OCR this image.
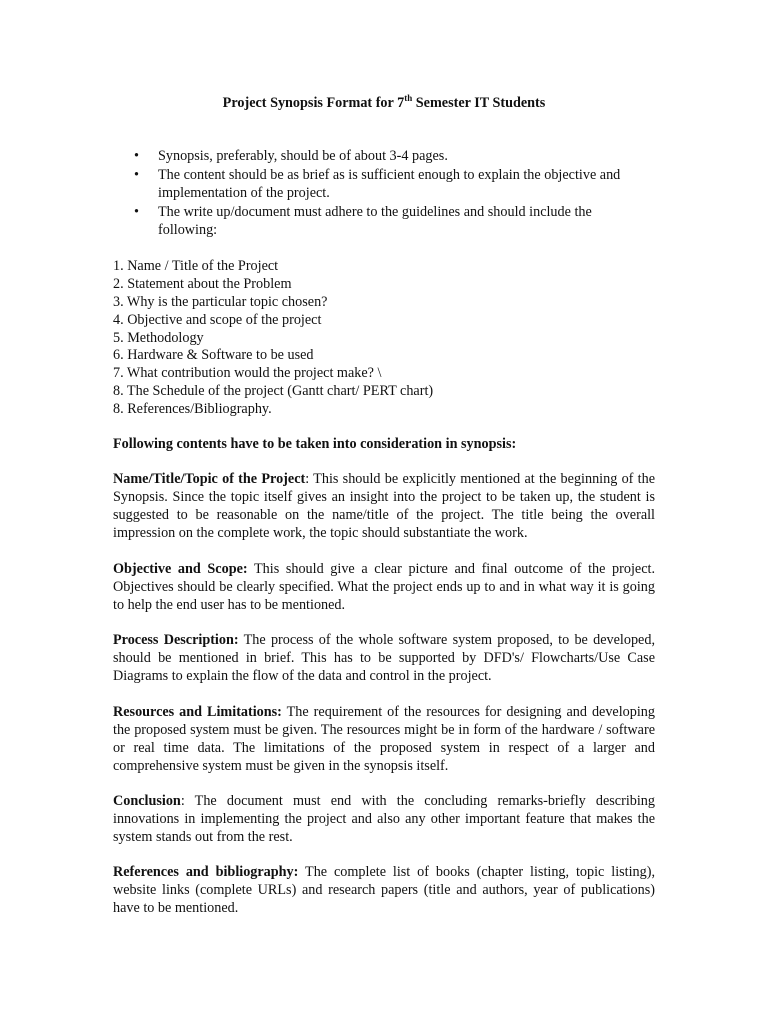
Project Synopsis Format for 7th Semester IT Students
• Synopsis, preferably, should be of about 3-4 pages.
• The content should be as brief as is sufficient enough to explain the objective and implementation of the project.
• The write up/document must adhere to the guidelines and should include the following:
1. Name / Title of the Project
2. Statement about the Problem
3. Why is the particular topic chosen?
4. Objective and scope of the project
5. Methodology
6. Hardware & Software to be used
7. What contribution would the project make? \
8. The Schedule of the project (Gantt chart/ PERT chart)
8. References/Bibliography.
Following contents have to be taken into consideration in synopsis:
Name/Title/Topic of the Project: This should be explicitly mentioned at the beginning of the Synopsis. Since the topic itself gives an insight into the project to be taken up, the student is suggested to be reasonable on the name/title of the project. The title being the overall impression on the complete work, the topic should substantiate the work.
Objective and Scope: This should give a clear picture and final outcome of the project. Objectives should be clearly specified. What the project ends up to and in what way it is going to help the end user has to be mentioned.
Process Description: The process of the whole software system proposed, to be developed, should be mentioned in brief. This has to be supported by DFD's/ Flowcharts/Use Case Diagrams to explain the flow of the data and control in the project.
Resources and Limitations: The requirement of the resources for designing and developing the proposed system must be given. The resources might be in form of the hardware / software or real time data. The limitations of the proposed system in respect of a larger and comprehensive system must be given in the synopsis itself.
Conclusion: The document must end with the concluding remarks-briefly describing innovations in implementing the project and also any other important feature that makes the system stands out from the rest.
References and bibliography: The complete list of books (chapter listing, topic listing), website links (complete URLs) and research papers (title and authors, year of publications) have to be mentioned.
